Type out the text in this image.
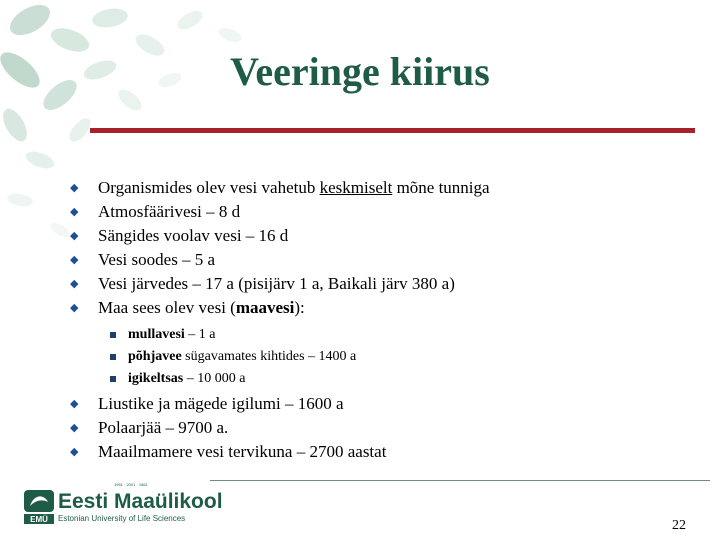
Veeringe kiirus
◆ Organismides olev vesi vahetub keskmiselt mõne tunniga
◆ Atmosfäärivesi – 8 d
◆ Sängides voolav vesi – 16 d
◆ Vesi soodes – 5 a
◆ Vesi järvedes – 17 a (pisijärv 1 a, Baikali järv 380 a)
◆ Maa sees olev vesi (maavesi):
mullavesi – 1 a
põhjavee sügavamates kihtides – 1400 a
igikeltsas – 10 000 a
◆ Liustike ja mägede igilumi – 1600 a
◆ Polaarjää – 9700 a.
◆ Maailmamere vesi tervikuna – 2700 aastat
EMÜ
1951 · 2001 · 1861
Eesti Maaülikool
Estonian University of Life Sciences	22
